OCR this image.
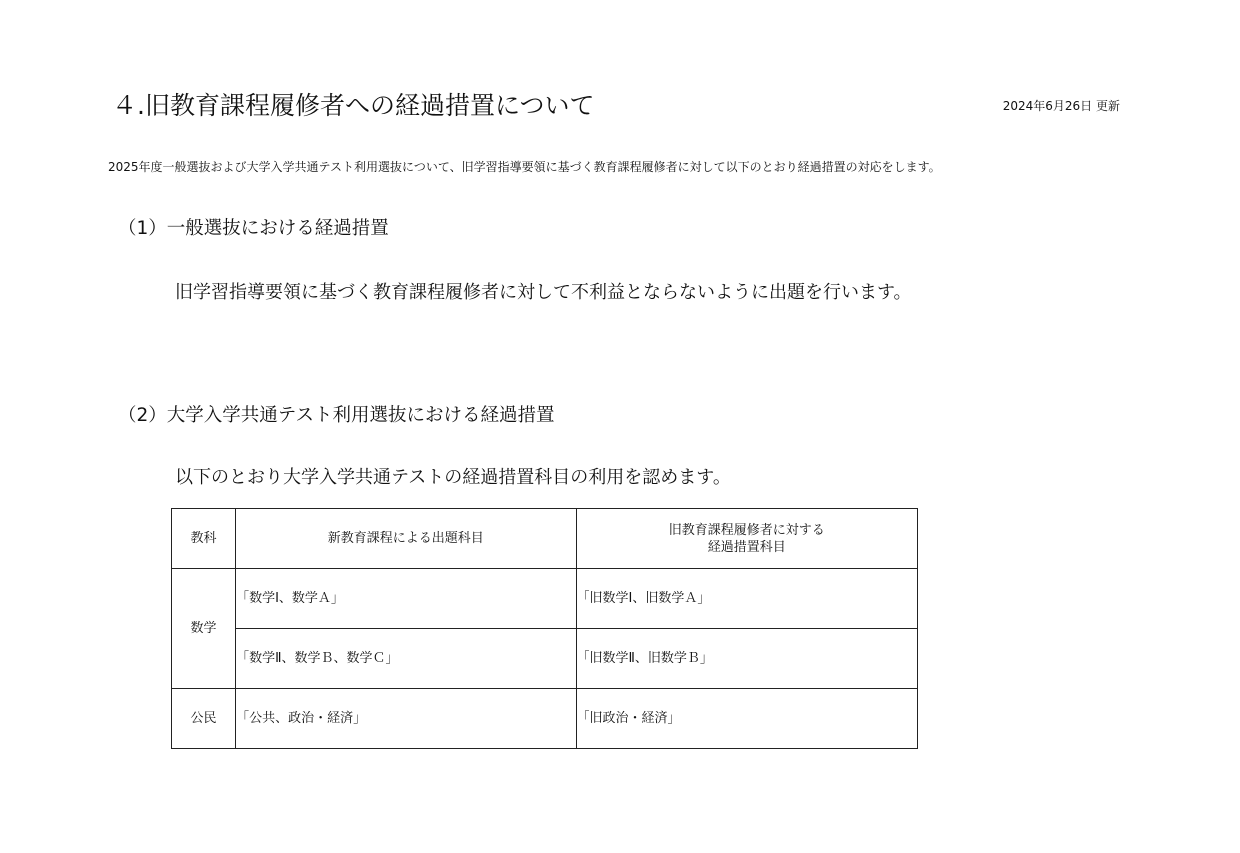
４.旧教育課程履修者への経過措置について	2024年6月26日 更新
2025年度一般選抜および大学入学共通テスト利用選抜について、旧学習指導要領に基づく教育課程履修者に対して以下のとおり経過措置の対応をします。
（1）一般選抜における経過措置
旧学習指導要領に基づく教育課程履修者に対して不利益とならないように出題を行います。
（2）大学入学共通テスト利用選抜における経過措置
以下のとおり大学入学共通テストの経過措置科目の利用を認めます。
教科	新教育課程による出題科目	旧教育課程履修者に対する
経過措置科目

数学	「数学Ⅰ、数学Ａ」	「旧数学Ⅰ、旧数学Ａ」
	「数学Ⅱ、数学Ｂ、数学Ｃ」	「旧数学Ⅱ、旧数学Ｂ」
公民	「公共、政治・経済」	「旧政治・経済」
